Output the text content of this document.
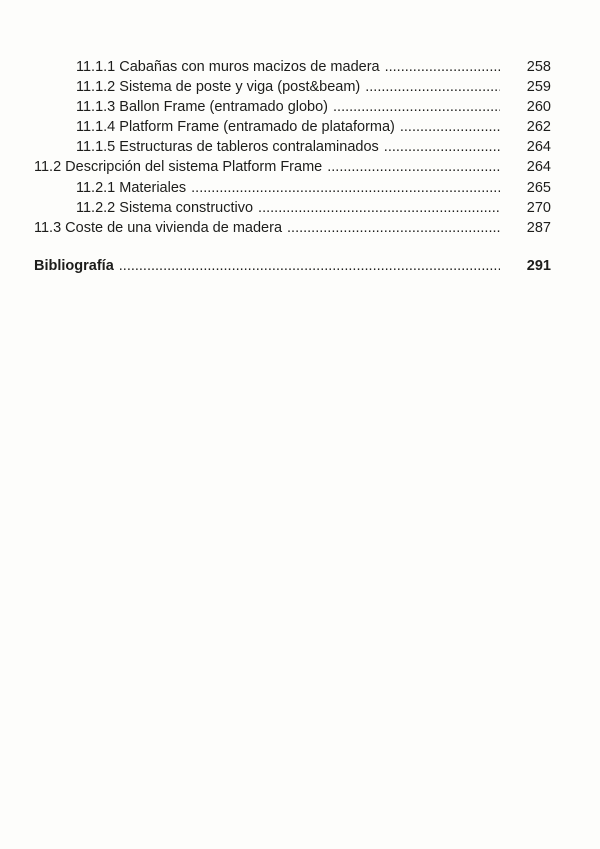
11.1.1 Cabañas con muros macizos de madera .....	258
11.1.2 Sistema de poste y viga (post&beam) .....	259
11.1.3 Ballon Frame (entramado globo) .....	260
11.1.4 Platform Frame (entramado de plataforma) .....	262
11.1.5 Estructuras de tableros contralaminados .....	264
11.2 Descripción del sistema Platform Frame .....	264
11.2.1 Materiales .....	265
11.2.2 Sistema constructivo .....	270
11.3 Coste de una vivienda de madera .....	287
Bibliografía .....	291
